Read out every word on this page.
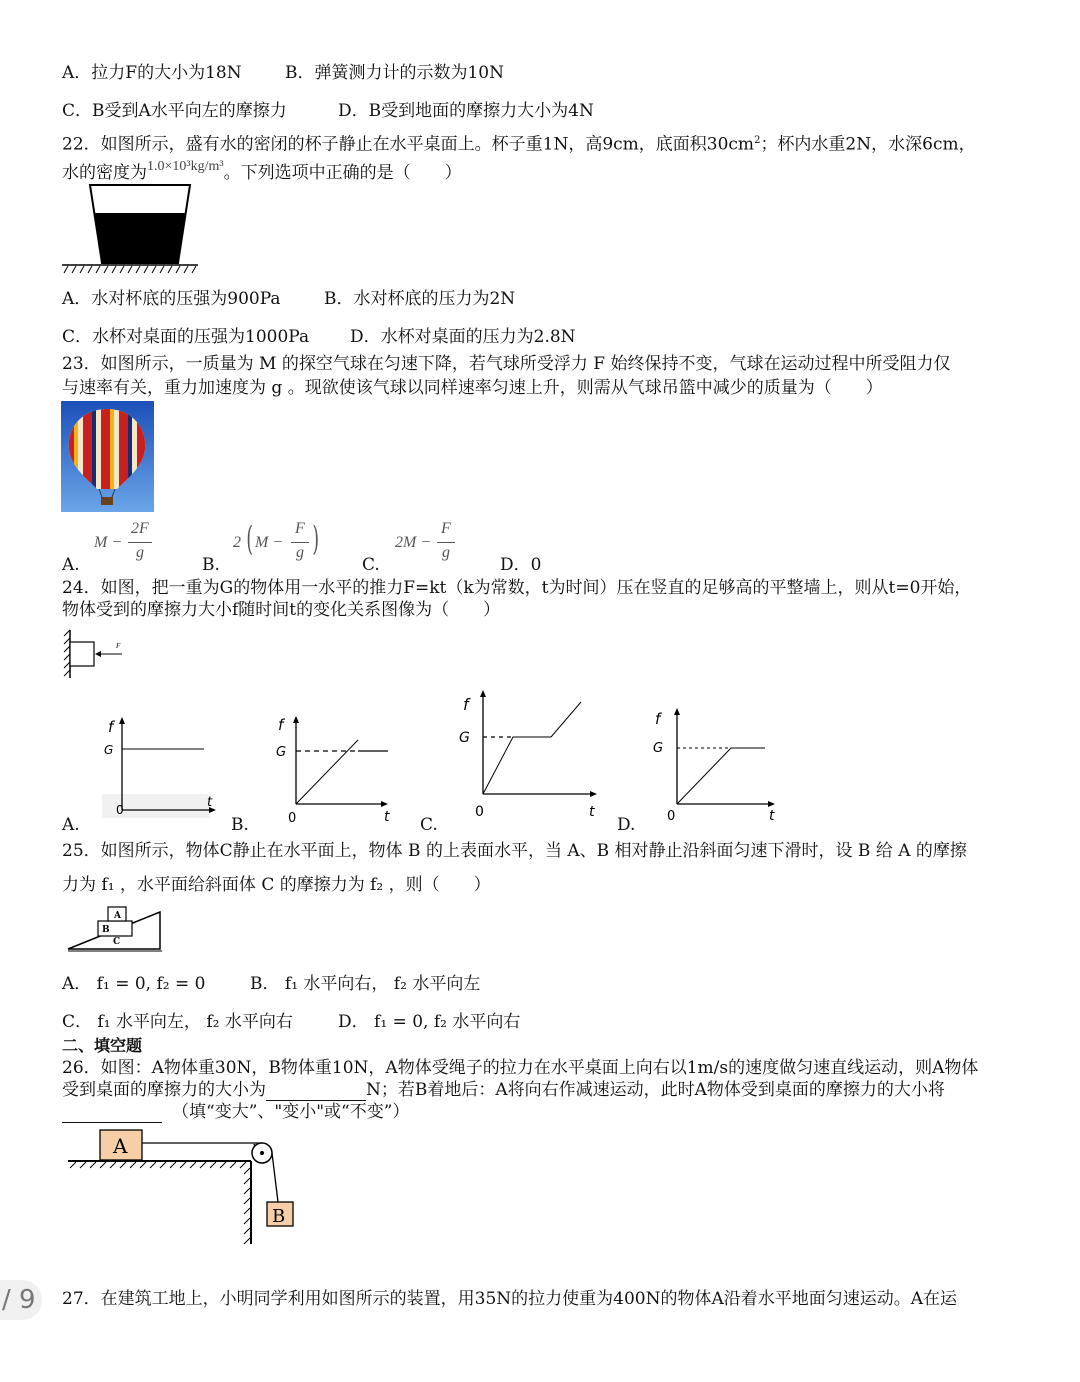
A．拉力F的大小为18N	B．弹簧测力计的示数为10N
C．B受到A水平向左的摩擦力	D．B受到地面的摩擦力大小为4N
22．如图所示，盛有水的密闭的杯子静止在水平桌面上。杯子重1N，高9cm，底面积$30cm^2$；杯内水重2N，水深6cm，
水的密度为$^{1.0\times 10^3kg/m^3}$。下列选项中正确的是（　　）
A．水对杯底的压强为900Pa	B．水对杯底的压力为2N
C．水杯对桌面的压强为1000Pa D．水杯对桌面的压力为2.8N
23．如图所示，一质量为 M 的探空气球在匀速下降，若气球所受浮力 F 始终保持不变，气球在运动过程中所受阻力仅
与速率有关，重力加速度为 g 。现欲使该气球以同样速率匀速上升，则需从气球吊篮中减少的质量为（　　）
A.
M −
2F
g
B.
2 ( M −
F
g )
C.
2M −
F
g
D．0
24．如图，把一重为G的物体用一水平的推力F=kt（k为常数，t为时间）压在竖直的足够高的平整墙上，则从t=0开始，
物体受到的摩擦力大小f随时间t的变化关系图像为（　　）
F
A.
f
G
0	t
B.
f
G
0	t C.
f
G
0	t
D.
f
G
0	t
25．如图所示，物体C静止在水平面上，物体 B 的上表面水平，当 A、B 相对静止沿斜面匀速下滑时，设 B 给 A 的摩擦
力为 f₁ ，水平面给斜面体 C 的摩擦力为 f₂ ，则（　　）
A
B
C
A． f₁ = 0, f₂ = 0	B． f₁ 水平向右， f₂ 水平向左
C． f₁ 水平向左， f₂ 水平向右	D． f₁ = 0, f₂ 水平向右
二、填空题
26．如图：A物体重30N，B物体重10N，A物体受绳子的拉力在水平桌面上向右以1m/s的速度做匀速直线运动，则A物体
受到桌面的摩擦力的大小为	N；若B着地后：A将向右作减速运动，此时A物体受到桌面的摩擦力的大小将
（填“变大”、"变小"或“不变”）
A
B
/ 9	27．在建筑工地上，小明同学利用如图所示的装置，用35N的拉力使重为400N的物体A沿着水平地面匀速运动。A在运
